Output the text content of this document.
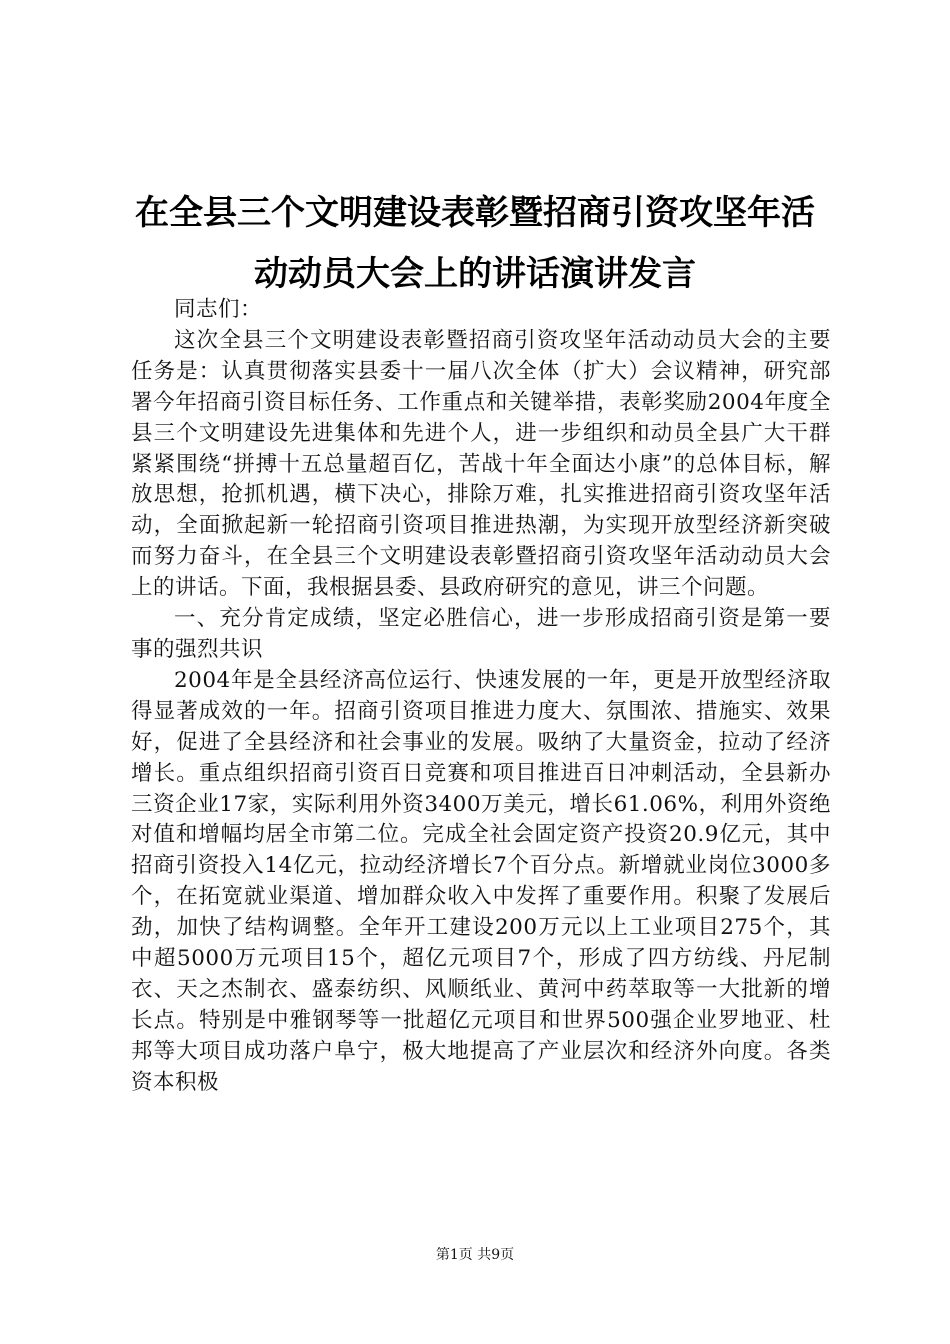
在全县三个文明建设表彰暨招商引资攻坚年活
动动员大会上的讲话演讲发言

同志们：

这次全县三个文明建设表彰暨招商引资攻坚年活动动员大会的主要任务是：认真贯彻落实县委十一届八次全体（扩大）会议精神，研究部署今年招商引资目标任务、工作重点和关键举措，表彰奖励2004年度全县三个文明建设先进集体和先进个人，进一步组织和动员全县广大干群紧紧围绕“拼搏十五总量超百亿，苦战十年全面达小康”的总体目标，解放思想，抢抓机遇，横下决心，排除万难，扎实推进招商引资攻坚年活动，全面掀起新一轮招商引资项目推进热潮，为实现开放型经济新突破而努力奋斗，在全县三个文明建设表彰暨招商引资攻坚年活动动员大会上的讲话。下面，我根据县委、县政府研究的意见，讲三个问题。

一、充分肯定成绩，坚定必胜信心，进一步形成招商引资是第一要事的强烈共识

2004年是全县经济高位运行、快速发展的一年，更是开放型经济取得显著成效的一年。招商引资项目推进力度大、氛围浓、措施实、效果好，促进了全县经济和社会事业的发展。吸纳了大量资金，拉动了经济增长。重点组织招商引资百日竞赛和项目推进百日冲刺活动，全县新办三资企业17家，实际利用外资3400万美元，增长61.06%，利用外资绝对值和增幅均居全市第二位。完成全社会固定资产投资20.9亿元，其中招商引资投入14亿元，拉动经济增长7个百分点。新增就业岗位3000多个，在拓宽就业渠道、增加群众收入中发挥了重要作用。积聚了发展后劲，加快了结构调整。全年开工建设200万元以上工业项目275个，其中超5000万元项目15个，超亿元项目7个，形成了四方纺线、丹尼制衣、天之杰制衣、盛泰纺织、风顺纸业、黄河中药萃取等一大批新的增长点。特别是中雅钢琴等一批超亿元项目和世界500强企业罗地亚、杜邦等大项目成功落户阜宁，极大地提高了产业层次和经济外向度。各类资本积极

第1页 共9页
